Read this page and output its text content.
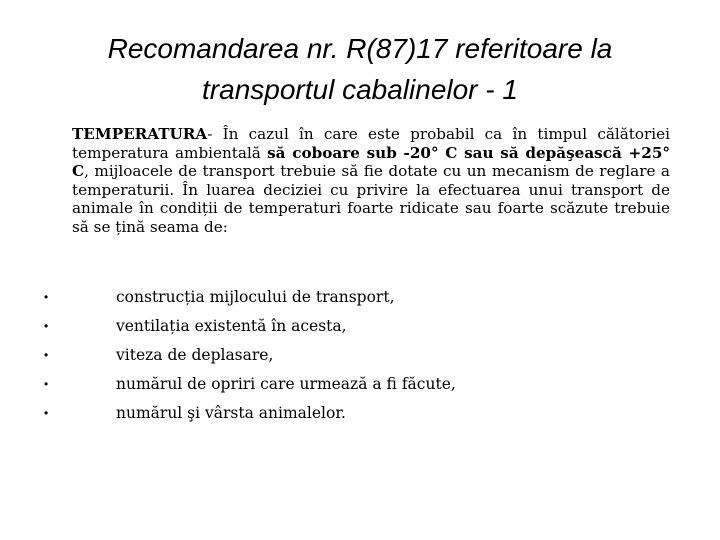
Recomandarea nr. R(87)17 referitoare la
transportul cabalinelor - 1
TEMPERATURA- În cazul în care este probabil ca în timpul călătoriei temperatura ambientală să coboare sub -20° C sau să depăşească +25° C, mijloacele de transport trebuie să fie dotate cu un mecanism de reglare a temperaturii. În luarea deciziei cu privire la efectuarea unui transport de animale în condiții de temperaturi foarte ridicate sau foarte scăzute trebuie să se țină seama de:
•	construcția mijlocului de transport,
•	ventilația existentă în acesta,
•	viteza de deplasare,
•	numărul de opriri care urmează a fi făcute,
•	numărul şi vârsta animalelor.
